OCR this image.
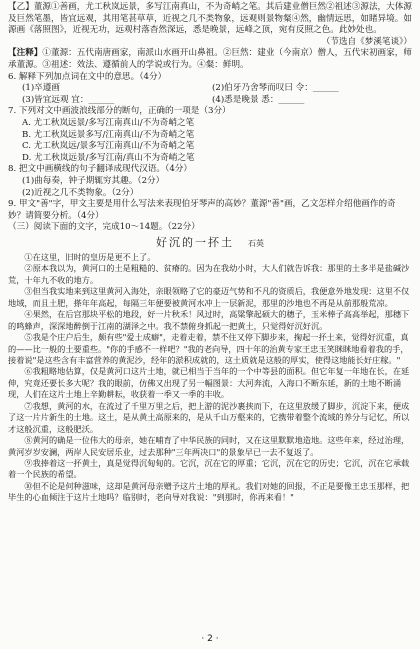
【乙】董源①善画，尤工秋岚远景，多写江南真山，不为奇峭之笔。其后建业僧巨然②祖述③源法，大体源及巨然笔墨，皆宜远观，其用笔甚草草，近视之几不类物象，远观则景物粲④然，幽情远思，如睹异境。如源画《落照图》，近视无功，远观村落杳然深远，悉是晚景，远峰之顶，宛有反照之色。此妙处也。

（节选自《梦溪笔谈》）

【注释】①董源：五代南唐画家，南派山水画开山鼻祖。②巨然：建业（今南京）僧人，五代宋初画家，师承董源。③祖述：效法、遵循前人的学说或行为。④粲：鲜明。

6. 解释下列加点词在文中的意思。（4分）

(1)卒遵画	(2)伯牙乃舍琴而叹曰 令：______
(3)皆宜远观 宜：______	(4)悉是晚景 悉：______

7. 下列对文中画波浪线部分的断句，正确的一项是（3分）

A. 尤工秋岚远景/多写江南真山/不为奇峭之笔

B. 尤工秋岚远景多写/江南真山/不为奇峭之笔

C. 尤工秋岚远/景多写江南真山/不为奇峭之笔

D. 尤工秋岚远景/多写江南/真山不为奇峭之笔

8. 把文中画横线的句子翻译成现代汉语。（4分）

(1)曲每奏，钟子期辄穷其趣。（2分）

(2)近视之几不类物象。（2分）

9. 甲文"善"字，甲文主要是用什么写法来表现伯牙琴声的高妙？董源"善"画，乙文怎样介绍他画作的奇妙？请简要分析。（4分）

（三）阅读下面的文字，完成10～14题。（22分）

好沉的一抔土 石英

①在这里，旧时的皇历是更不上了。

②原本我以为，黄河口的土是粗糙的、贫瘠的。因为在我幼小时，大人们就告诉我：那里的土多半是盐碱沙荒，十年九不收的地方。

③但当我实地来到这里黄河入海处，亲眼领略了它的豪迈气势和不凡的资质后，我便意外地发现：这里不仅地域，而且土肥，搽年年高起，每隔三年便要被黄河水冲上一层新泥，那里的沙地也不再是从前那般荒凉。

④果然，在后宫那块平松的地段，好一片秋禾！风过时，高粱擎起硕大的穗子，玉米棒子高高举起，那穗下的鸣蜂声，深深地醉倒于江南的湖泽之中。我不禁俯身抓起一把黄土，只觉得好沉好沉。

⑤我是个庄户后生，颇有些"爱土成癖"，走着走着，禁不住又停下脚步来，掬起一抔土来，觉得好沉重，真的——比一般的土要重些。"你的手感不一样吧？"我的老向导，四十年的治黄专家王忠玉笑眯眯地看着我的手，接着说"是这些含有丰富营养的黄泥沙，经年的淤积成就的，这土质就是这般的厚实，使得这地能长好庄稼。"

⑥我粗略地估算，仅是黄河口这片土地，就已相当于当年的一个中等县的面积。但它年复一年地在长，在延伸，究竟还要长多大呢？我的眼前，仿佛又出现了另一幅图景：大河奔流，入海口不断东延，新的土地不断涌现，人们在这片土地上辛勤耕耘，收获着一季又一季的丰收。

⑦我想，黄河的水，在流过了千里万里之后，把上游的泥沙裹挟而下，在这里放缓了脚步，沉淀下来，便成了这一片片新生的土地。这土，是从黄土高原来的，是从千山万壑来的，它携带着整个流域的养分与记忆，所以才这般沉重，这般肥沃。

⑧黄河的确是一位伟大的母亲，她在哺育了中华民族的同时，又在这里默默地造地。这些年来，经过治理，黄河岁岁安澜，两岸人民安居乐业，过去那种"三年两决口"的景象早已一去不复返了。

⑨我捧着这一抔黄土，真是觉得沉甸甸的。它沉，沉在它的厚重；它沉，沉在它的历史；它沉，沉在它承载着一个民族的希望。

⑩但不论是何种滋味，这却是黄河母亲赠予这片土地的厚礼。我们对她的回报，不正是要像王忠玉那样，把毕生的心血倾注于这片土地吗？临别时，老向导对我说："到那时，你再来看！"

· 2 ·
